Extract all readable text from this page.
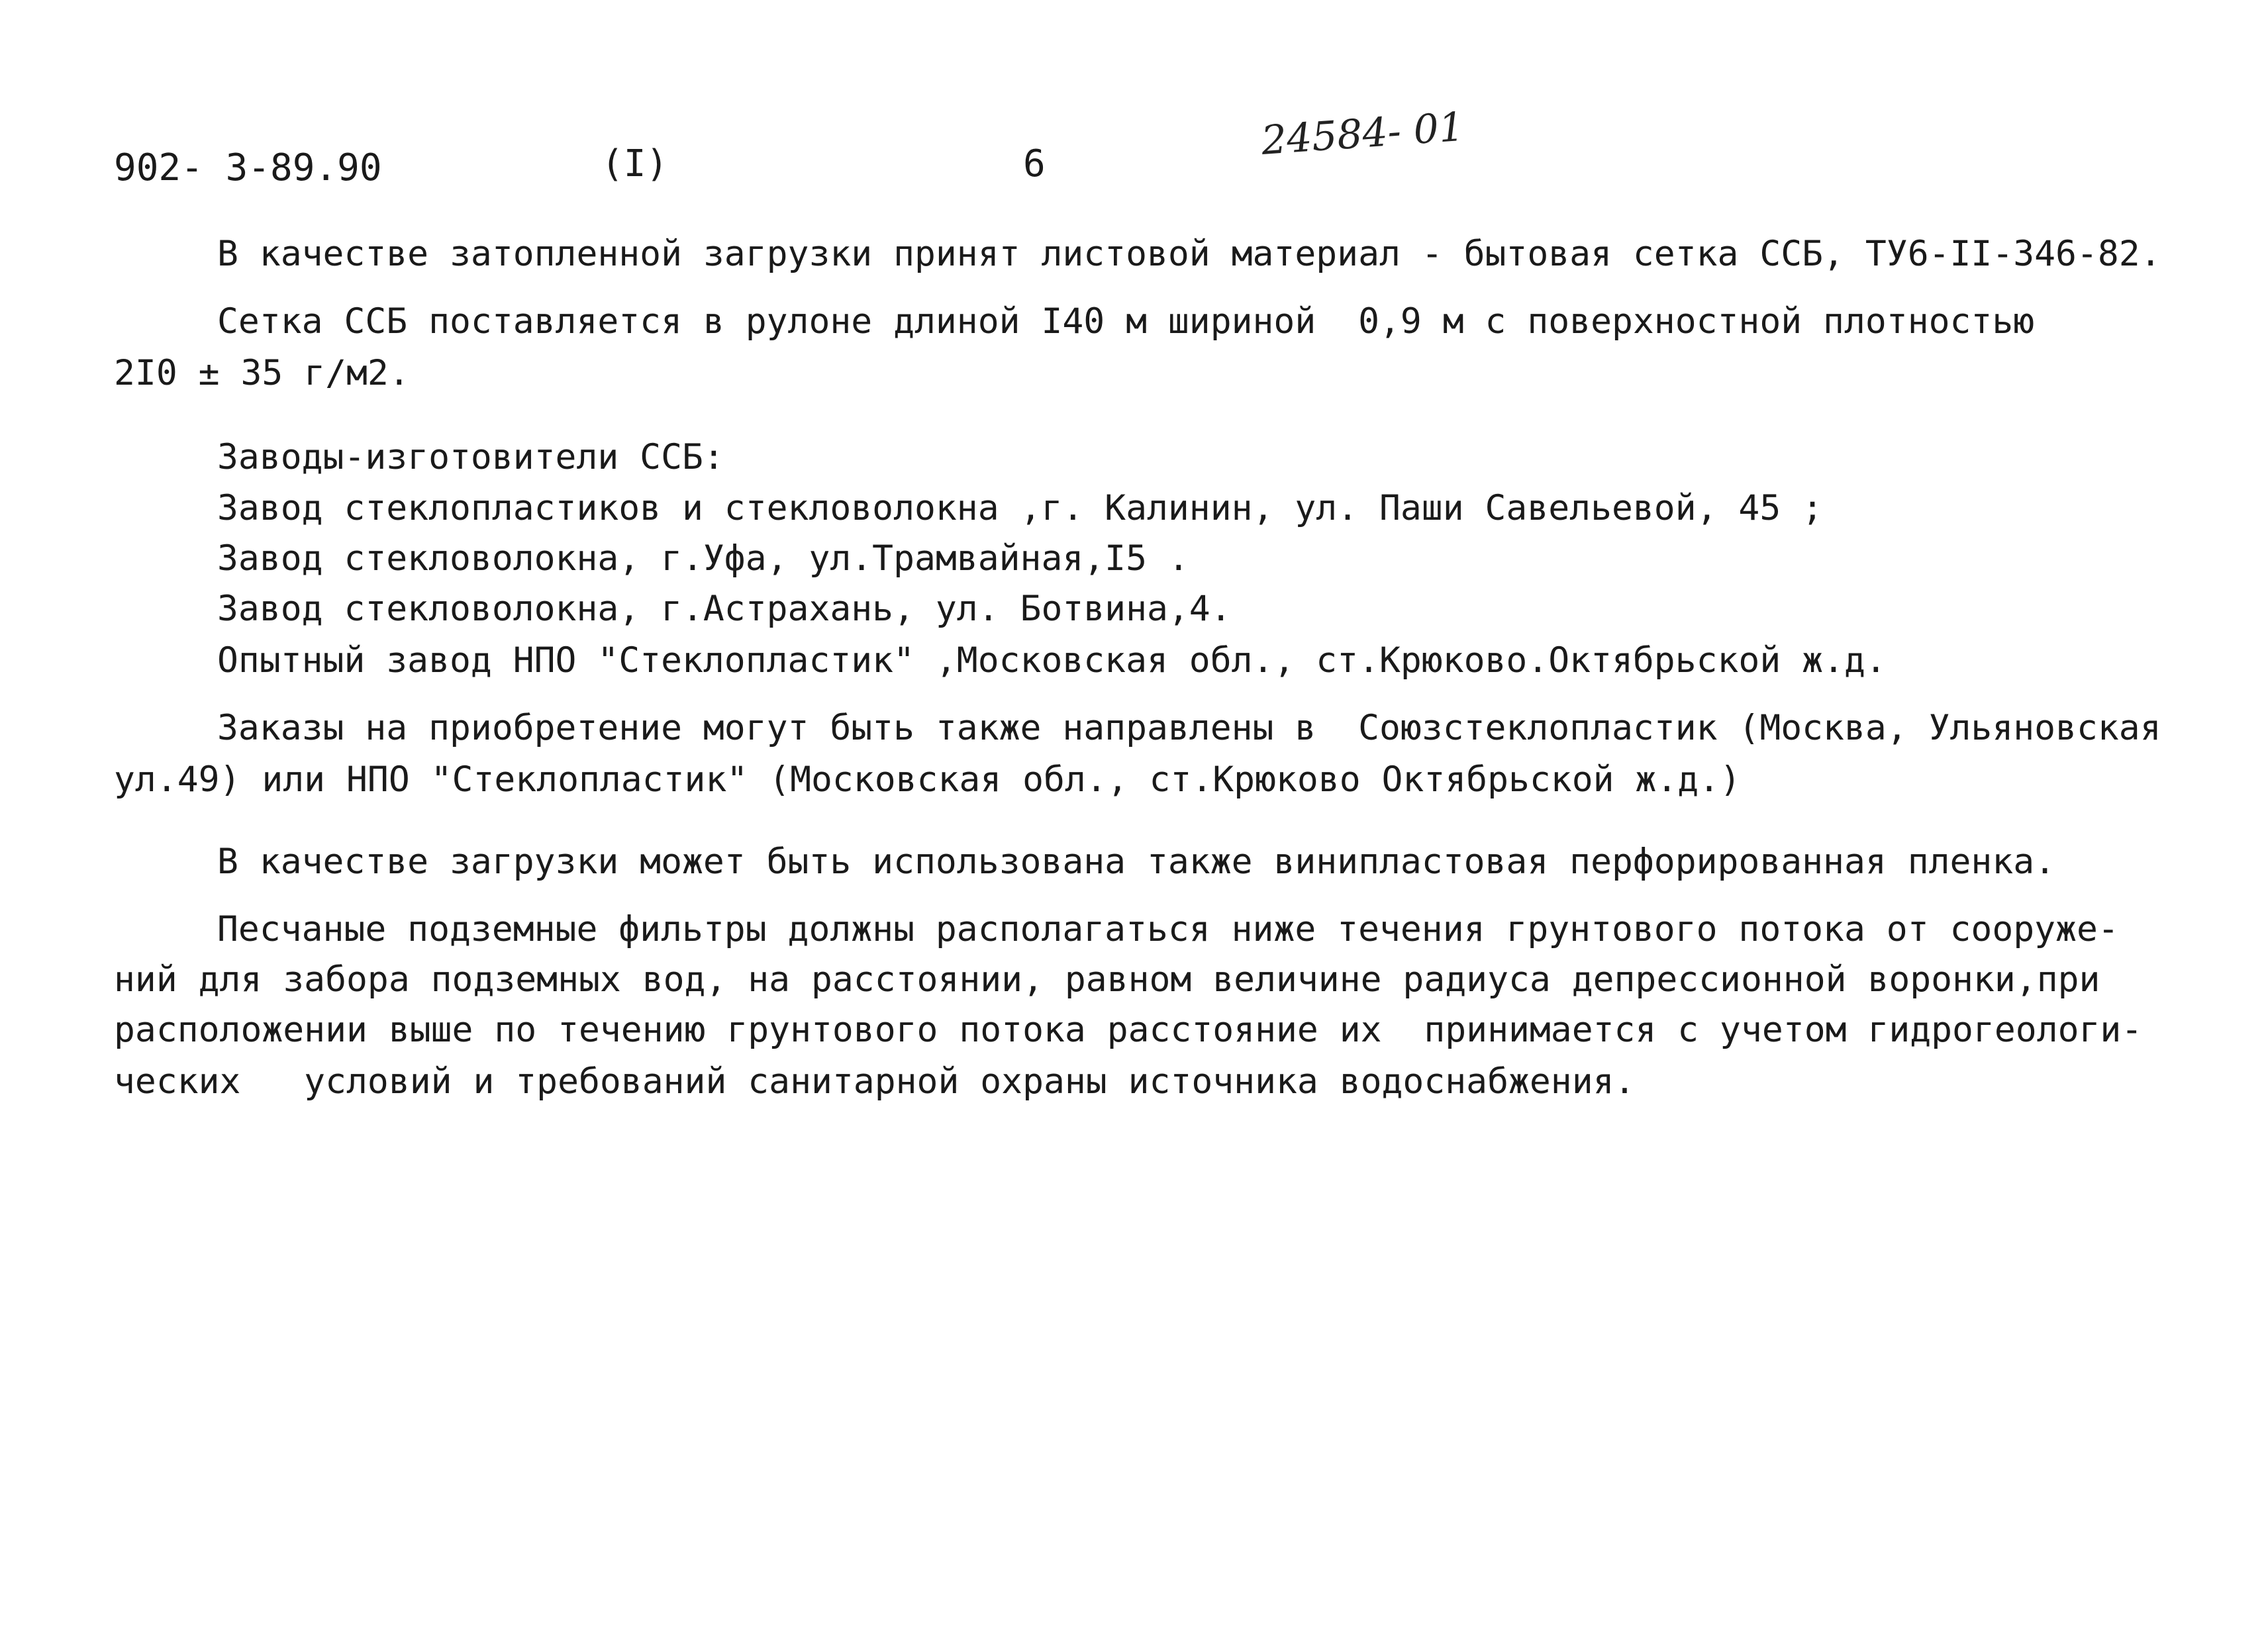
902- 3-89.90	(I)	6	24584- 01

В качестве затопленной загрузки принят листовой материал - бытовая сетка ССБ, ТУ6-II-346-82.

Сетка ССБ поставляется в рулоне длиной I40 м шириной  0,9 м с поверхностной плотностью

2I0 ± 35 г/м2.

Заводы-изготовители ССБ:

Завод стеклопластиков и стекловолокна ,г. Калинин, ул. Паши Савельевой, 45 ;

Завод стекловолокна, г.Уфа, ул.Трамвайная,I5 .

Завод стекловолокна, г.Астрахань, ул. Ботвина,4.

Опытный завод НПО "Стеклопластик" ,Московская обл., ст.Крюково.Октябрьской ж.д.

Заказы на приобретение могут быть также направлены в  Союзстеклопластик (Москва, Ульяновская

ул.49) или НПО "Стеклопластик" (Московская обл., ст.Крюково Октябрьской ж.д.)

В качестве загрузки может быть использована также винипластовая перфорированная пленка.

Песчаные подземные фильтры должны располагаться ниже течения грунтового потока от сооруже-

ний для забора подземных вод, на расстоянии, равном величине радиуса депрессионной воронки,при

расположении выше по течению грунтового потока расстояние их  принимается с учетом гидрогеологи-

ческих   условий и требований санитарной охраны источника водоснабжения.
